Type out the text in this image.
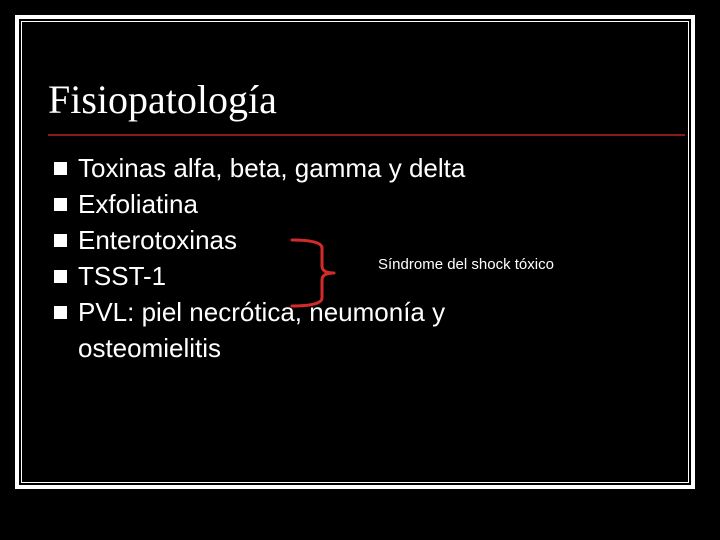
Fisiopatología
Toxinas alfa, beta, gamma y delta
Exfoliatina
Enterotoxinas
TSST-1
PVL: piel necrótica, neumonía y osteomielitis
Síndrome del shock tóxico
